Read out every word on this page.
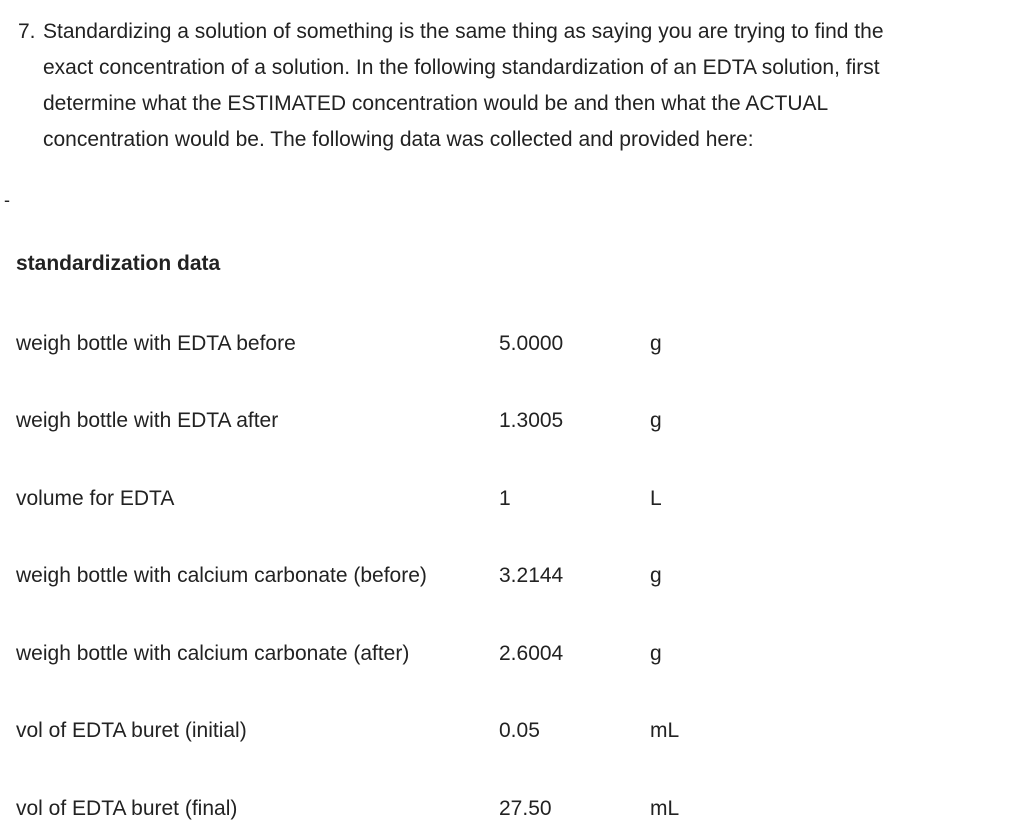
7. Standardizing a solution of something is the same thing as saying you are trying to find the
exact concentration of a solution. In the following standardization of an EDTA solution, first
determine what the ESTIMATED concentration would be and then what the ACTUAL
concentration would be. The following data was collected and provided here:
-
standardization data
weigh bottle with EDTA before	5.0000	g
weigh bottle with EDTA after	1.3005	g
volume for EDTA	1	L
weigh bottle with calcium carbonate (before)	3.2144	g
weigh bottle with calcium carbonate (after)	2.6004	g
vol of EDTA buret (initial)	0.05	mL
vol of EDTA buret (final)	27.50	mL
